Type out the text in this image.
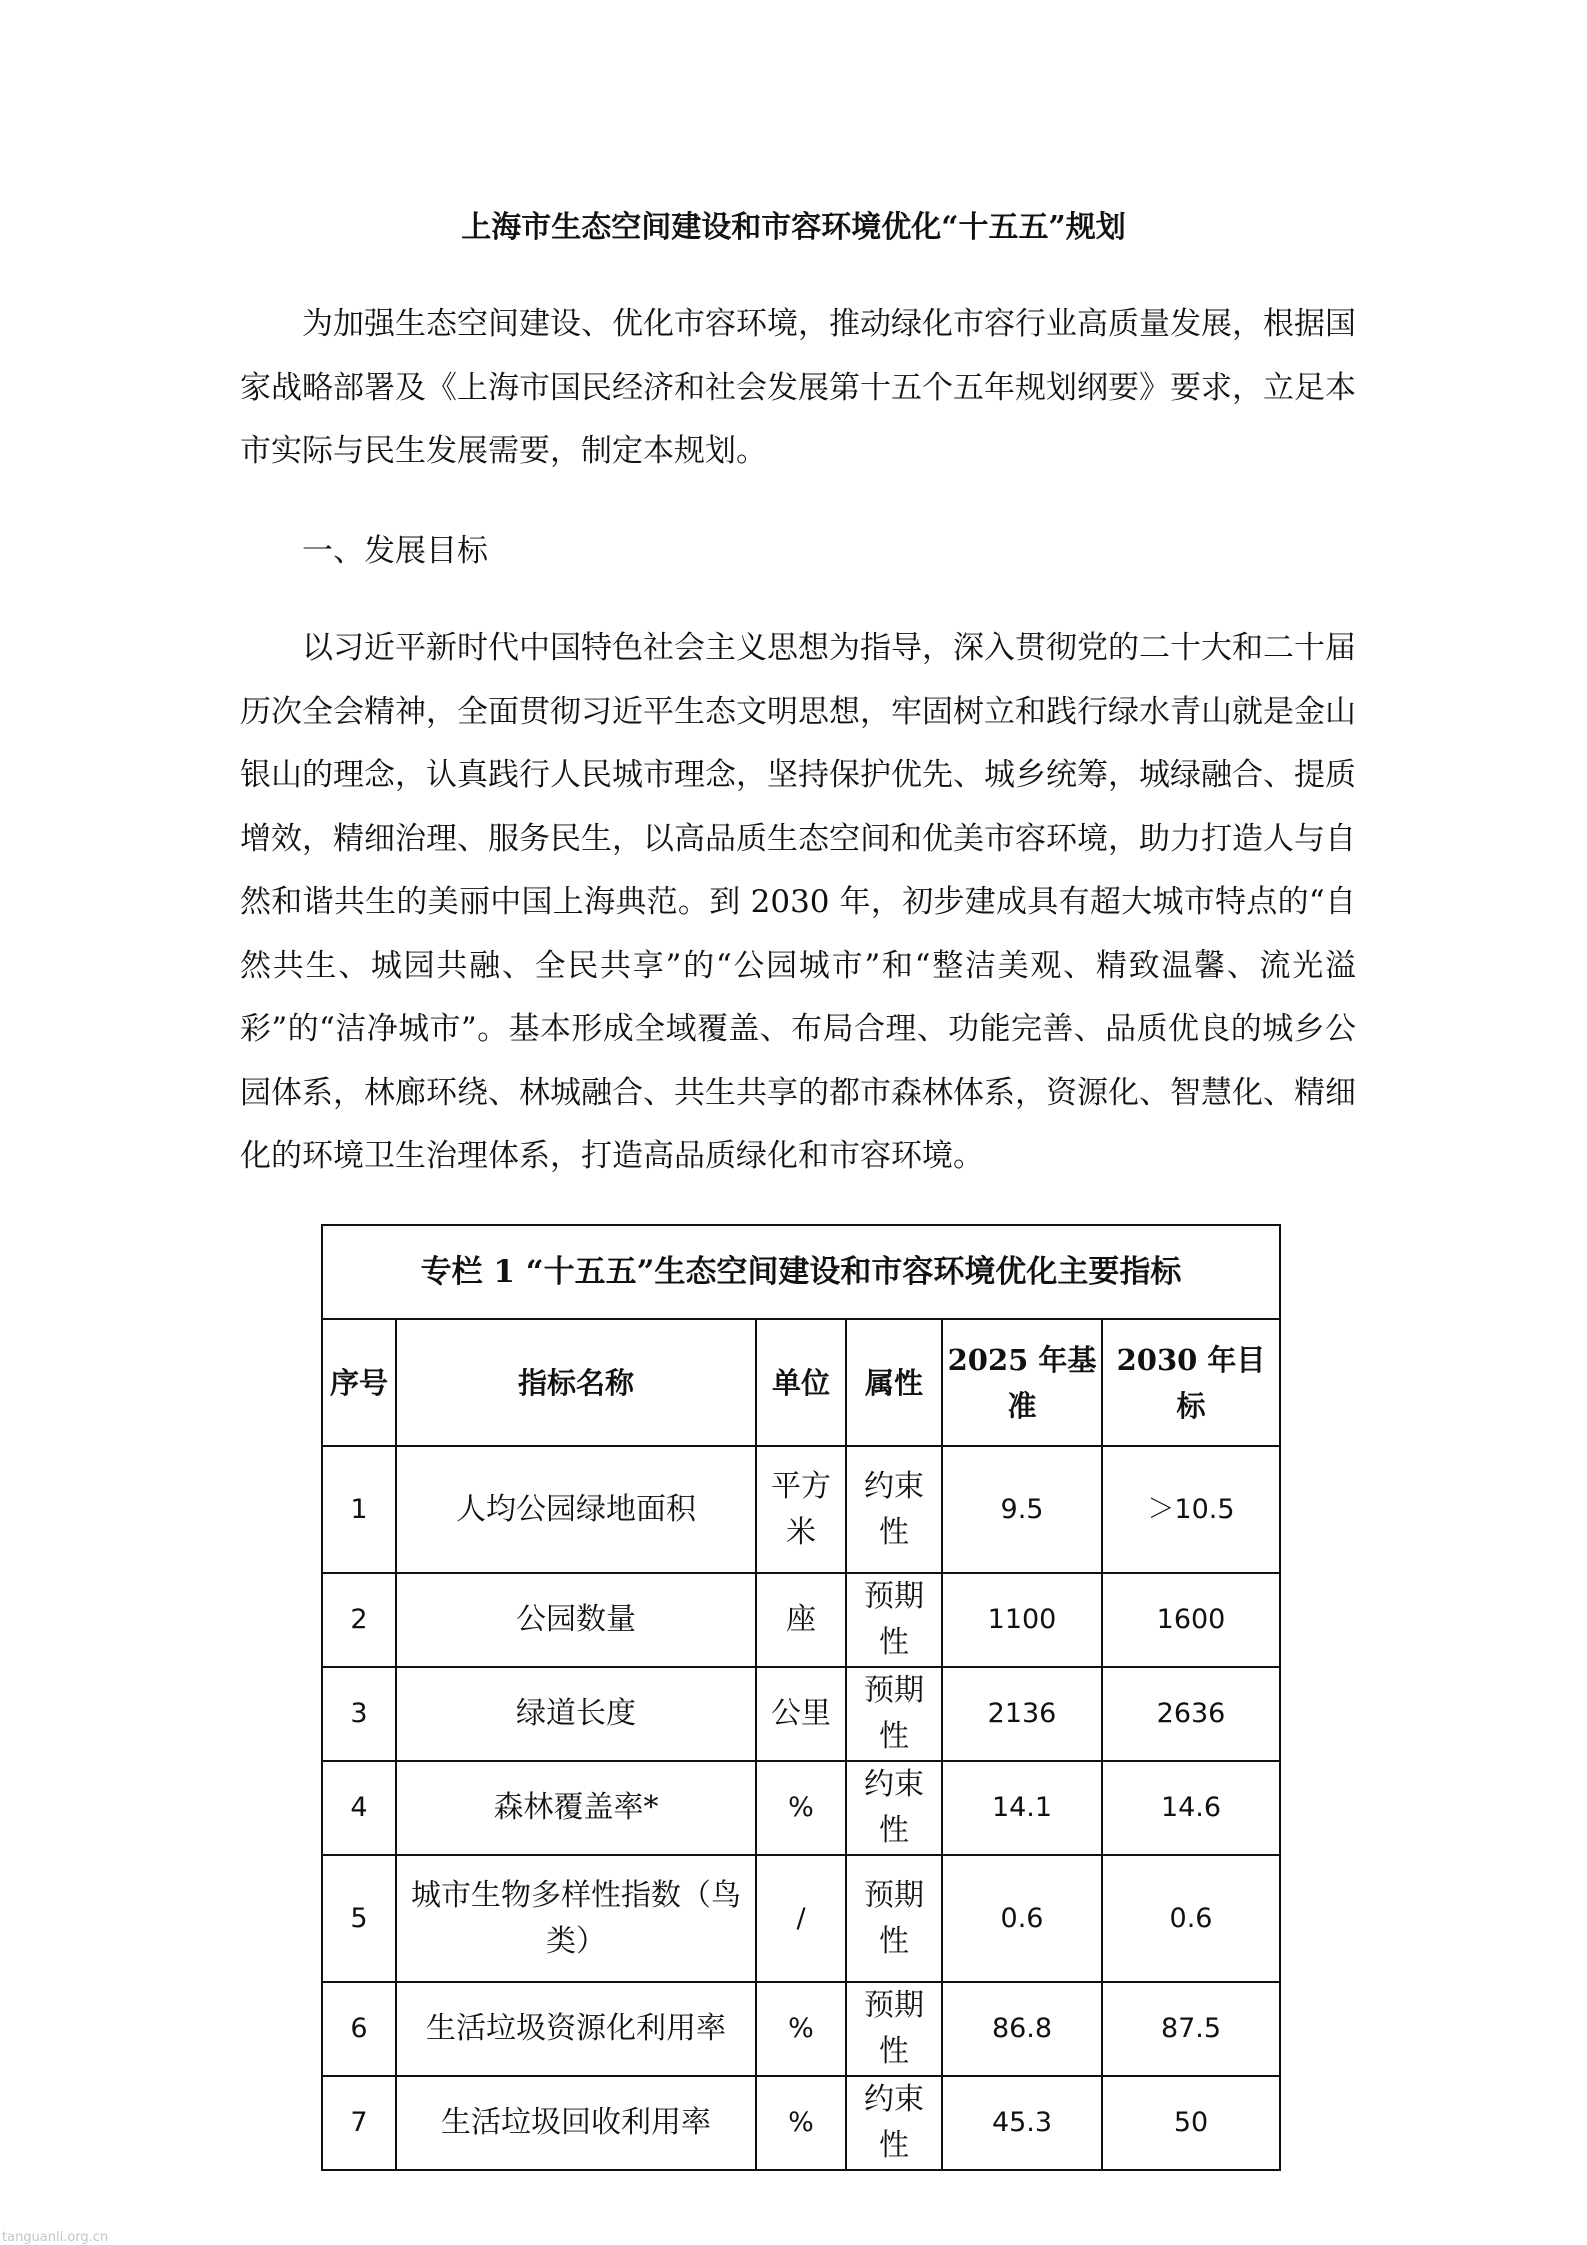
上海市生态空间建设和市容环境优化“十五五”规划

为加强生态空间建设、优化市容环境，推动绿化市容行业高质量发展，根据国家战略部署及《上海市国民经济和社会发展第十五个五年规划纲要》要求，立足本市实际与民生发展需要，制定本规划。

一、发展目标

以习近平新时代中国特色社会主义思想为指导，深入贯彻党的二十大和二十届历次全会精神，全面贯彻习近平生态文明思想，牢固树立和践行绿水青山就是金山银山的理念，认真践行人民城市理念，坚持保护优先、城乡统筹，城绿融合、提质增效，精细治理、服务民生，以高品质生态空间和优美市容环境，助力打造人与自然和谐共生的美丽中国上海典范。到 2030 年，初步建成具有超大城市特点的“自然共生、城园共融、全民共享”的“公园城市”和“整洁美观、精致温馨、流光溢彩”的“洁净城市”。基本形成全域覆盖、布局合理、功能完善、品质优良的城乡公园体系，林廊环绕、林城融合、共生共享的都市森林体系，资源化、智慧化、精细化的环境卫生治理体系，打造高品质绿化和市容环境。

专栏 1 “十五五”生态空间建设和市容环境优化主要指标					
序号	指标名称	单位	属性	2025 年基准	2030 年目标
1	人均公园绿地面积	平方米	约束性	9.5	＞10.5
2	公园数量	座	预期性	1100	1600
3	绿道长度	公里	预期性	2136	2636
4	森林覆盖率*	%	约束性	14.1	14.6
5	城市生物多样性指数（鸟类）	/	预期性	0.6	0.6
6	生活垃圾资源化利用率	%	预期性	86.8	87.5
7	生活垃圾回收利用率	%	约束性	45.3	50
tanguanli.org.cn
